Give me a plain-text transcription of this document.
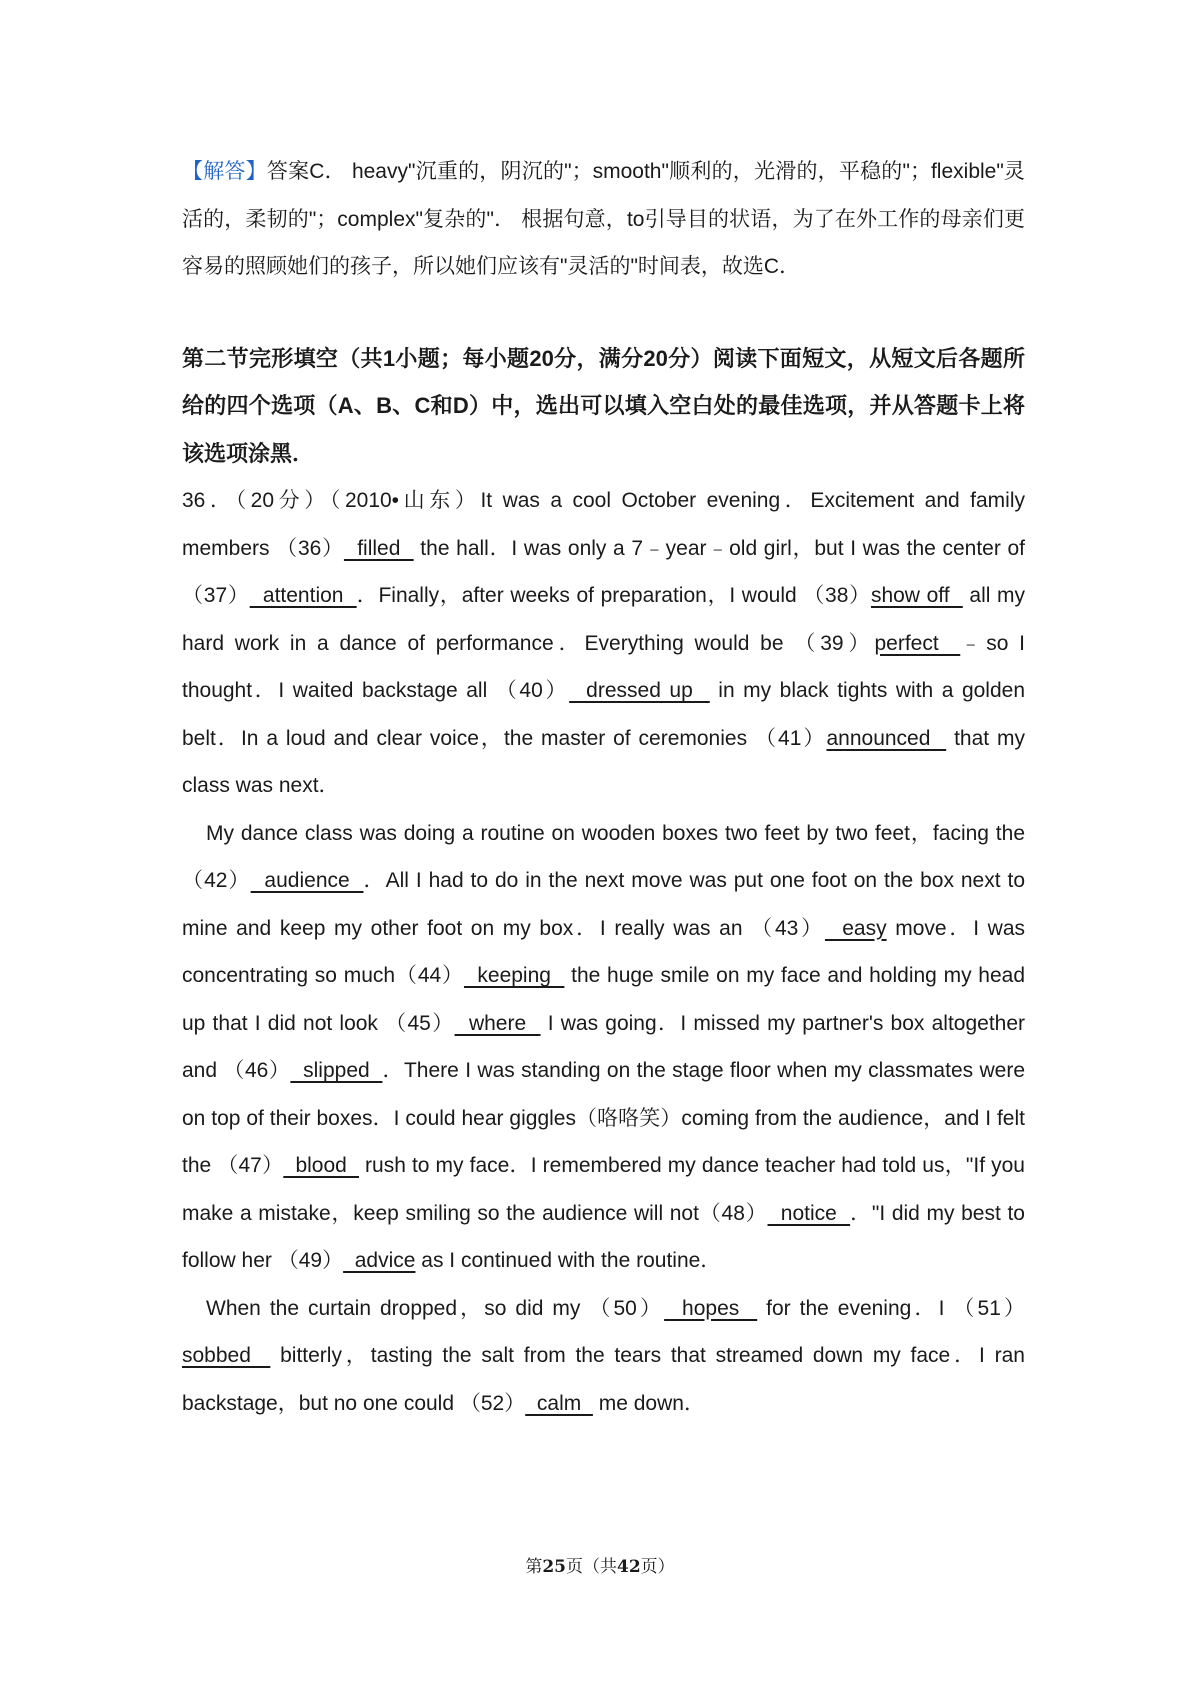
【解答】答案C． heavy"沉重的，阴沉的"；smooth"顺利的，光滑的，平稳的"；flexible"灵活的，柔韧的"；complex"复杂的"． 根据句意，to引导目的状语，为了在外工作的母亲们更容易的照顾她们的孩子，所以她们应该有"灵活的"时间表，故选C．

第二节完形填空（共1小题；每小题20分，满分20分）阅读下面短文，从短文后各题所给的四个选项（A、B、C和D）中，选出可以填入空白处的最佳选项，并从答题卡上将该选项涂黑．

36．（20分）（2010•山东）It was a cool October evening．Excitement and family members （36）  filled   the hall．I was only a 7﹣year﹣old girl，but I was the center of （37）  attention  ．Finally，after weeks of preparation，I would （38）show off   all my hard work in a dance of performance．Everything would be （39）perfect  ﹣so I thought．I waited backstage all （40）  dressed up   in my black tights with a golden belt．In a loud and clear voice，the master of ceremonies （41）announced   that my class was next．

My dance class was doing a routine on wooden boxes two feet by two feet，facing the （42）  audience  ．All I had to do in the next move was put one foot on the box next to mine and keep my other foot on my box．I really was an （43）  easy move．I was concentrating so much（44）  keeping   the huge smile on my face and holding my head up that I did not look （45）  where   I was going．I missed my partner's box altogether and （46）  slipped  ．There I was standing on the stage floor when my classmates were on top of their boxes．I could hear giggles（咯咯笑）coming from the audience，and I felt the （47）  blood   rush to my face．I remembered my dance teacher had told us，"If you make a mistake，keep smiling so the audience will not（48）  notice  ．"I did my best to follow her （49）  advice as I continued with the routine．

When the curtain dropped，so did my （50）  hopes   for the evening．I （51）sobbed   bitterly，tasting the salt from the tears that streamed down my face．I ran backstage，but no one could （52）  calm   me down．

第25页（共42页）
